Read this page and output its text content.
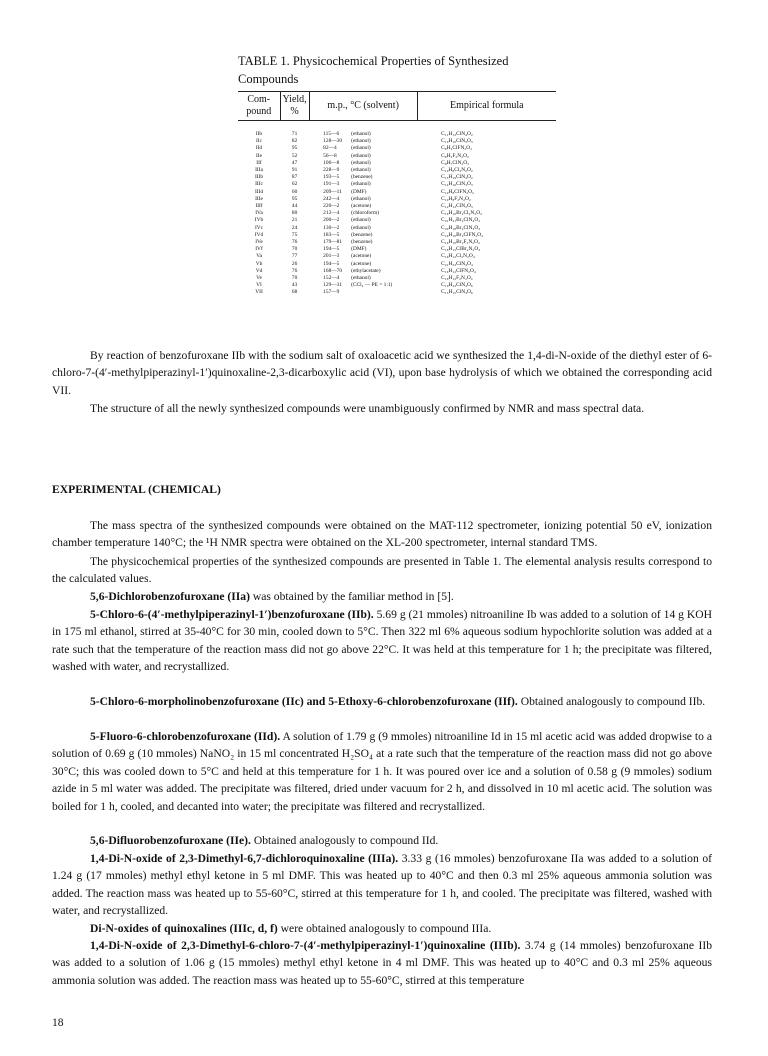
TABLE 1. Physicochemical Properties of Synthesized Compounds
Com-pound	Yield, %	m.p., °C (solvent)	Empirical formula
IIb	71	115—6 (ethanol)	C₁₁H₁₃ClN₄O₂
IIc	82	128—30 (ethanol)	C₁₀H₁₀ClN₃O₃
IId	95	82—4 (ethanol)	C₆H₂ClFN₂O₂
IIe	52	56—8 (ethanol)	C₆H₂F₂N₂O₂
IIf	47	106—8 (ethanol)	C₈H₇ClN₂O₃
IIIa	91	228—9 (ethanol)	C₁₀H₈Cl₂N₂O₂
IIIb	87	193—5 (benzene)	C₁₅H₁₉ClN₄O₂
IIIc	62	191—3 (ethanol)	C₁₄H₁₆ClN₃O₃
IIId	60	209—11 (DMF)	C₁₀H₈ClFN₂O₂
IIIe	95	242—4 (ethanol)	C₁₀H₈F₂N₂O₂
IIIf	44	220—2 (acetone)	C₁₂H₁₃ClN₂O₃
IVa	80	212—4 (chloroform)	C₁₆H₁₀Br₂Cl₂N₂O₂
IVb	21	200—2 (ethanol)	C₂₁H₂₁Br₂ClN₄O₂
IVc	24	130—2 (ethanol)	C₂₀H₁₈Br₂ClN₃O₃
IVd	75	183—5 (benzene)	C₁₆H₁₀Br₂ClFN₂O₂
IVe	76	179—81 (benzene)	C₁₆H₁₀Br₂F₂N₂O₂
IVf	70	194—5 (DMF)	C₁₈H₁₅ClBr₂N₂O₃
Va	77	201—3 (acetone)	C₁₆H₁₂Cl₂N₂O₄
Vb	26	194—5 (acetone)	C₂₁H₂₃ClN₄O₄
Vd	76	168—70 (ethylacetate)	C₁₆H₁₂ClFN₂O₄
Ve	70	152—4 (ethanol)	C₁₆H₁₂F₂N₂O₄
VI	43	129—31 (CCl₄ — PE = 1:1)	C₁₉H₂₃ClN₄O₆
VII	68	157—9	C₁₅H₁₅ClN₄O₆

By reaction of benzofuroxane IIb with the sodium salt of oxaloacetic acid we synthesized the 1,4-di-N-oxide of the diethyl ester of 6-chloro-7-(4′-methylpiperazinyl-1′)quinoxaline-2,3-dicarboxylic acid (VI), upon base hydrolysis of which we obtained the corresponding acid VII.

The structure of all the newly synthesized compounds were unambiguously confirmed by NMR and mass spectral data.

EXPERIMENTAL (CHEMICAL)

The mass spectra of the synthesized compounds were obtained on the MAT-112 spectrometer, ionizing potential 50 eV, ionization chamber temperature 140°C; the ¹H NMR spectra were obtained on the XL-200 spectrometer, internal standard TMS.

The physicochemical properties of the synthesized compounds are presented in Table 1. The elemental analysis results correspond to the calculated values.

5,6-Dichlorobenzofuroxane (IIa) was obtained by the familiar method in [5].

5-Chloro-6-(4′-methylpiperazinyl-1′)benzofuroxane (IIb). 5.69 g (21 mmoles) nitroaniline Ib was added to a solution of 14 g KOH in 175 ml ethanol, stirred at 35-40°C for 30 min, cooled down to 5°C. Then 322 ml 6% aqueous sodium hypochlorite solution was added at a rate such that the temperature of the reaction mass did not go above 22°C. It was held at this temperature for 1 h; the precipitate was filtered, washed with water, and recrystallized.

5-Chloro-6-morpholinobenzofuroxane (IIc) and 5-Ethoxy-6-chlorobenzofuroxane (IIf). Obtained analogously to compound IIb.

5-Fluoro-6-chlorobenzofuroxane (IId). A solution of 1.79 g (9 mmoles) nitroaniline Id in 15 ml acetic acid was added dropwise to a solution of 0.69 g (10 mmoles) NaNO₂ in 15 ml concentrated H₂SO₄ at a rate such that the temperature of the reaction mass did not go above 30°C; this was cooled down to 5°C and held at this temperature for 1 h. It was poured over ice and a solution of 0.58 g (9 mmoles) sodium azide in 5 ml water was added. The precipitate was filtered, dried under vacuum for 2 h, and dissolved in 10 ml acetic acid. The solution was boiled for 1 h, cooled, and decanted into water; the precipitate was filtered and recrystallized.

5,6-Difluorobenzofuroxane (IIe). Obtained analogously to compound IId.

1,4-Di-N-oxide of 2,3-Dimethyl-6,7-dichloroquinoxaline (IIIa). 3.33 g (16 mmoles) benzofuroxane IIa was added to a solution of 1.24 g (17 mmoles) methyl ethyl ketone in 5 ml DMF. This was heated up to 40°C and then 0.3 ml 25% aqueous ammonia solution was added. The reaction mass was heated up to 55-60°C, stirred at this temperature for 1 h, and cooled. The precipitate was filtered, washed with water, and recrystallized.

Di-N-oxides of quinoxalines (IIIc, d, f) were obtained analogously to compound IIIa.

1,4-Di-N-oxide of 2,3-Dimethyl-6-chloro-7-(4′-methylpiperazinyl-1′)quinoxaline (IIIb). 3.74 g (14 mmoles) benzofuroxane IIb was added to a solution of 1.06 g (15 mmoles) methyl ethyl ketone in 4 ml DMF. This was heated up to 40°C and 0.3 ml 25% aqueous ammonia solution was added. The reaction mass was heated up to 55-60°C, stirred at this temperature

18
